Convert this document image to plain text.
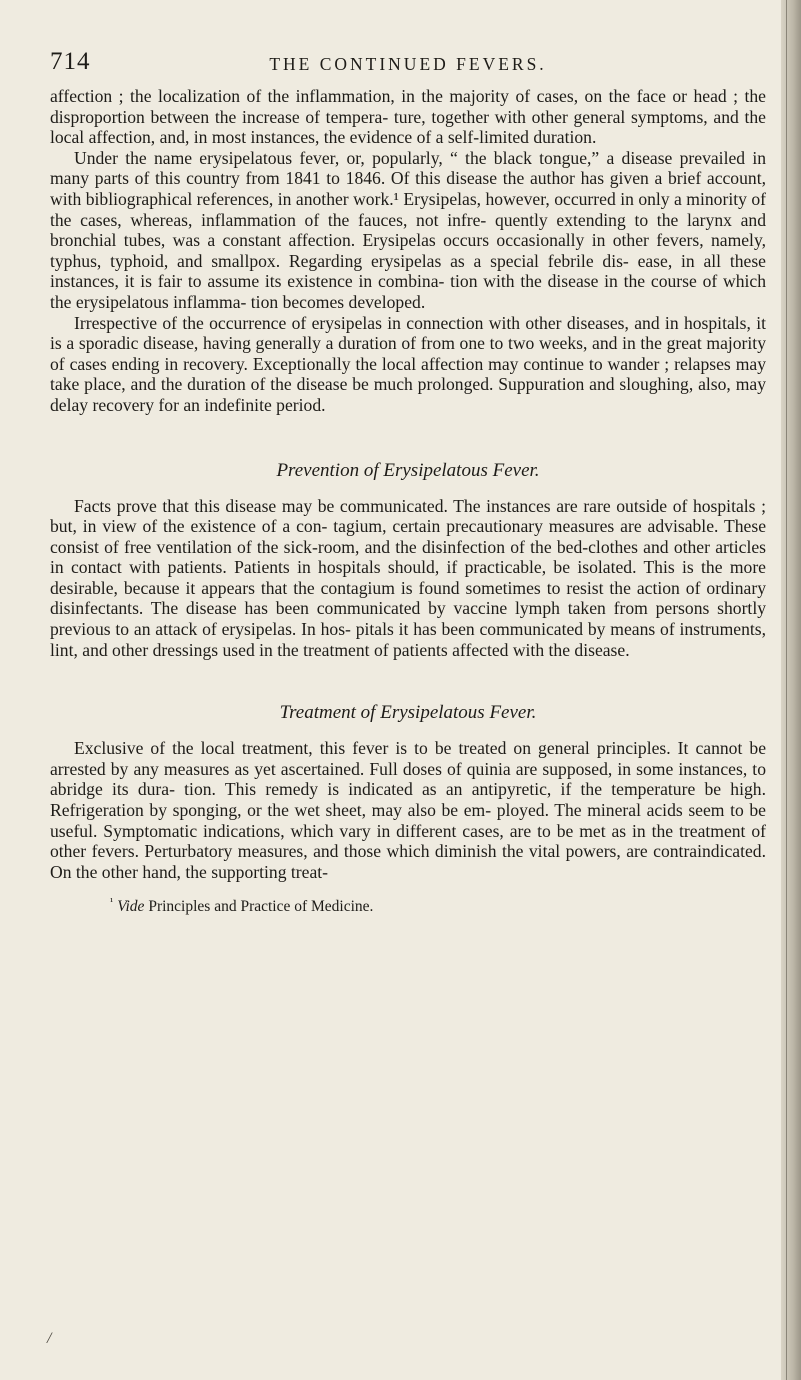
714	THE CONTINUED FEVERS.

affection ; the localization of the inflammation, in the majority of cases, on the face or head ; the disproportion between the increase of tempera- ture, together with other general symptoms, and the local affection, and, in most instances, the evidence of a self-limited duration.

Under the name erysipelatous fever, or, popularly, “ the black tongue,” a disease prevailed in many parts of this country from 1841 to 1846. Of this disease the author has given a brief account, with bibliographical references, in another work.¹ Erysipelas, however, occurred in only a minority of the cases, whereas, inflammation of the fauces, not infre- quently extending to the larynx and bronchial tubes, was a constant affection. Erysipelas occurs occasionally in other fevers, namely, typhus, typhoid, and smallpox. Regarding erysipelas as a special febrile dis- ease, in all these instances, it is fair to assume its existence in combina- tion with the disease in the course of which the erysipelatous inflamma- tion becomes developed.

Irrespective of the occurrence of erysipelas in connection with other diseases, and in hospitals, it is a sporadic disease, having generally a duration of from one to two weeks, and in the great majority of cases ending in recovery. Exceptionally the local affection may continue to wander ; relapses may take place, and the duration of the disease be much prolonged. Suppuration and sloughing, also, may delay recovery for an indefinite period.

Prevention of Erysipelatous Fever.

Facts prove that this disease may be communicated. The instances are rare outside of hospitals ; but, in view of the existence of a con- tagium, certain precautionary measures are advisable. These consist of free ventilation of the sick-room, and the disinfection of the bed-clothes and other articles in contact with patients. Patients in hospitals should, if practicable, be isolated. This is the more desirable, because it appears that the contagium is found sometimes to resist the action of ordinary disinfectants. The disease has been communicated by vaccine lymph taken from persons shortly previous to an attack of erysipelas. In hos- pitals it has been communicated by means of instruments, lint, and other dressings used in the treatment of patients affected with the disease.

Treatment of Erysipelatous Fever.

Exclusive of the local treatment, this fever is to be treated on general principles. It cannot be arrested by any measures as yet ascertained. Full doses of quinia are supposed, in some instances, to abridge its dura- tion. This remedy is indicated as an antipyretic, if the temperature be high. Refrigeration by sponging, or the wet sheet, may also be em- ployed. The mineral acids seem to be useful. Symptomatic indications, which vary in different cases, are to be met as in the treatment of other fevers. Perturbatory measures, and those which diminish the vital powers, are contraindicated. On the other hand, the supporting treat-

$^{^1}$ Vide Principles and Practice of Medicine.
/
